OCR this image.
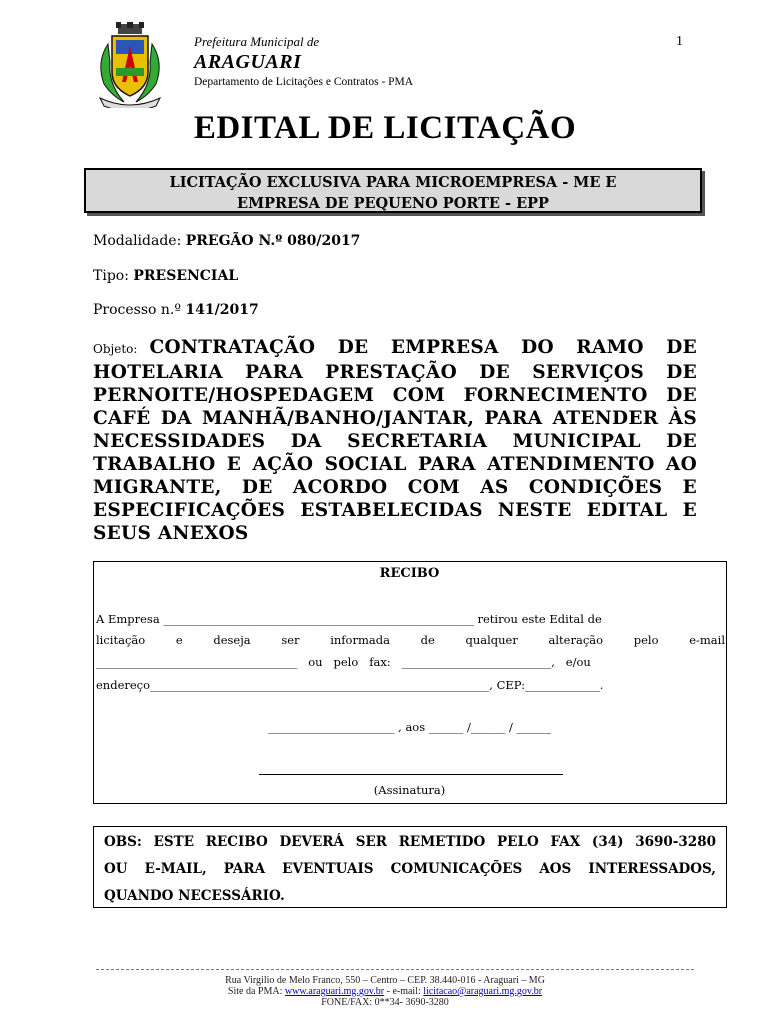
Prefeitura Municipal de
ARAGUARI
Departamento de Licitações e Contratos - PMA
1
EDITAL DE LICITAÇÃO
LICITAÇÃO EXCLUSIVA PARA MICROEMPRESA - ME E
EMPRESA DE PEQUENO PORTE - EPP
Modalidade: PREGÃO N.º 080/2017
Tipo: PRESENCIAL
Processo n.º 141/2017
Objeto: CONTRATAÇÃO DE EMPRESA DO RAMO DE HOTELARIA PARA PRESTAÇÃO DE SERVIÇOS DE PERNOITE/HOSPEDAGEM COM FORNECIMENTO DE CAFÉ DA MANHÃ/BANHO/JANTAR, PARA ATENDER ÀS NECESSIDADES DA SECRETARIA MUNICIPAL DE TRABALHO E AÇÃO SOCIAL PARA ATENDIMENTO AO MIGRANTE, DE ACORDO COM AS CONDIÇÕES E ESPECIFICAÇÕES ESTABELECIDAS NESTE EDITAL E SEUS ANEXOS
RECIBO
A Empresa ______________________________________________________ retirou este Edital de
licitação	e	deseja	ser	informada	de	qualquer	alteração	pelo	e-mail
___________________________________   ou   pelo   fax:   __________________________,   e/ou
endereço___________________________________________________________, CEP:_____________.
______________________ , aos ______ /______ / ______
(Assinatura)
OBS: ESTE RECIBO DEVERÁ SER REMETIDO PELO FAX (34) 3690-3280
OU E-MAIL, PARA EVENTUAIS COMUNICAÇÕES AOS INTERESSADOS,
QUANDO NECESSÁRIO.
Rua Virgilio de Melo Franco, 550 – Centro – CEP. 38.440-016 - Araguari – MG
Site da PMA: www.araguari.mg.gov.br - e-mail: licitacao@araguari.mg.gov.br
FONE/FAX: 0**34- 3690-3280
